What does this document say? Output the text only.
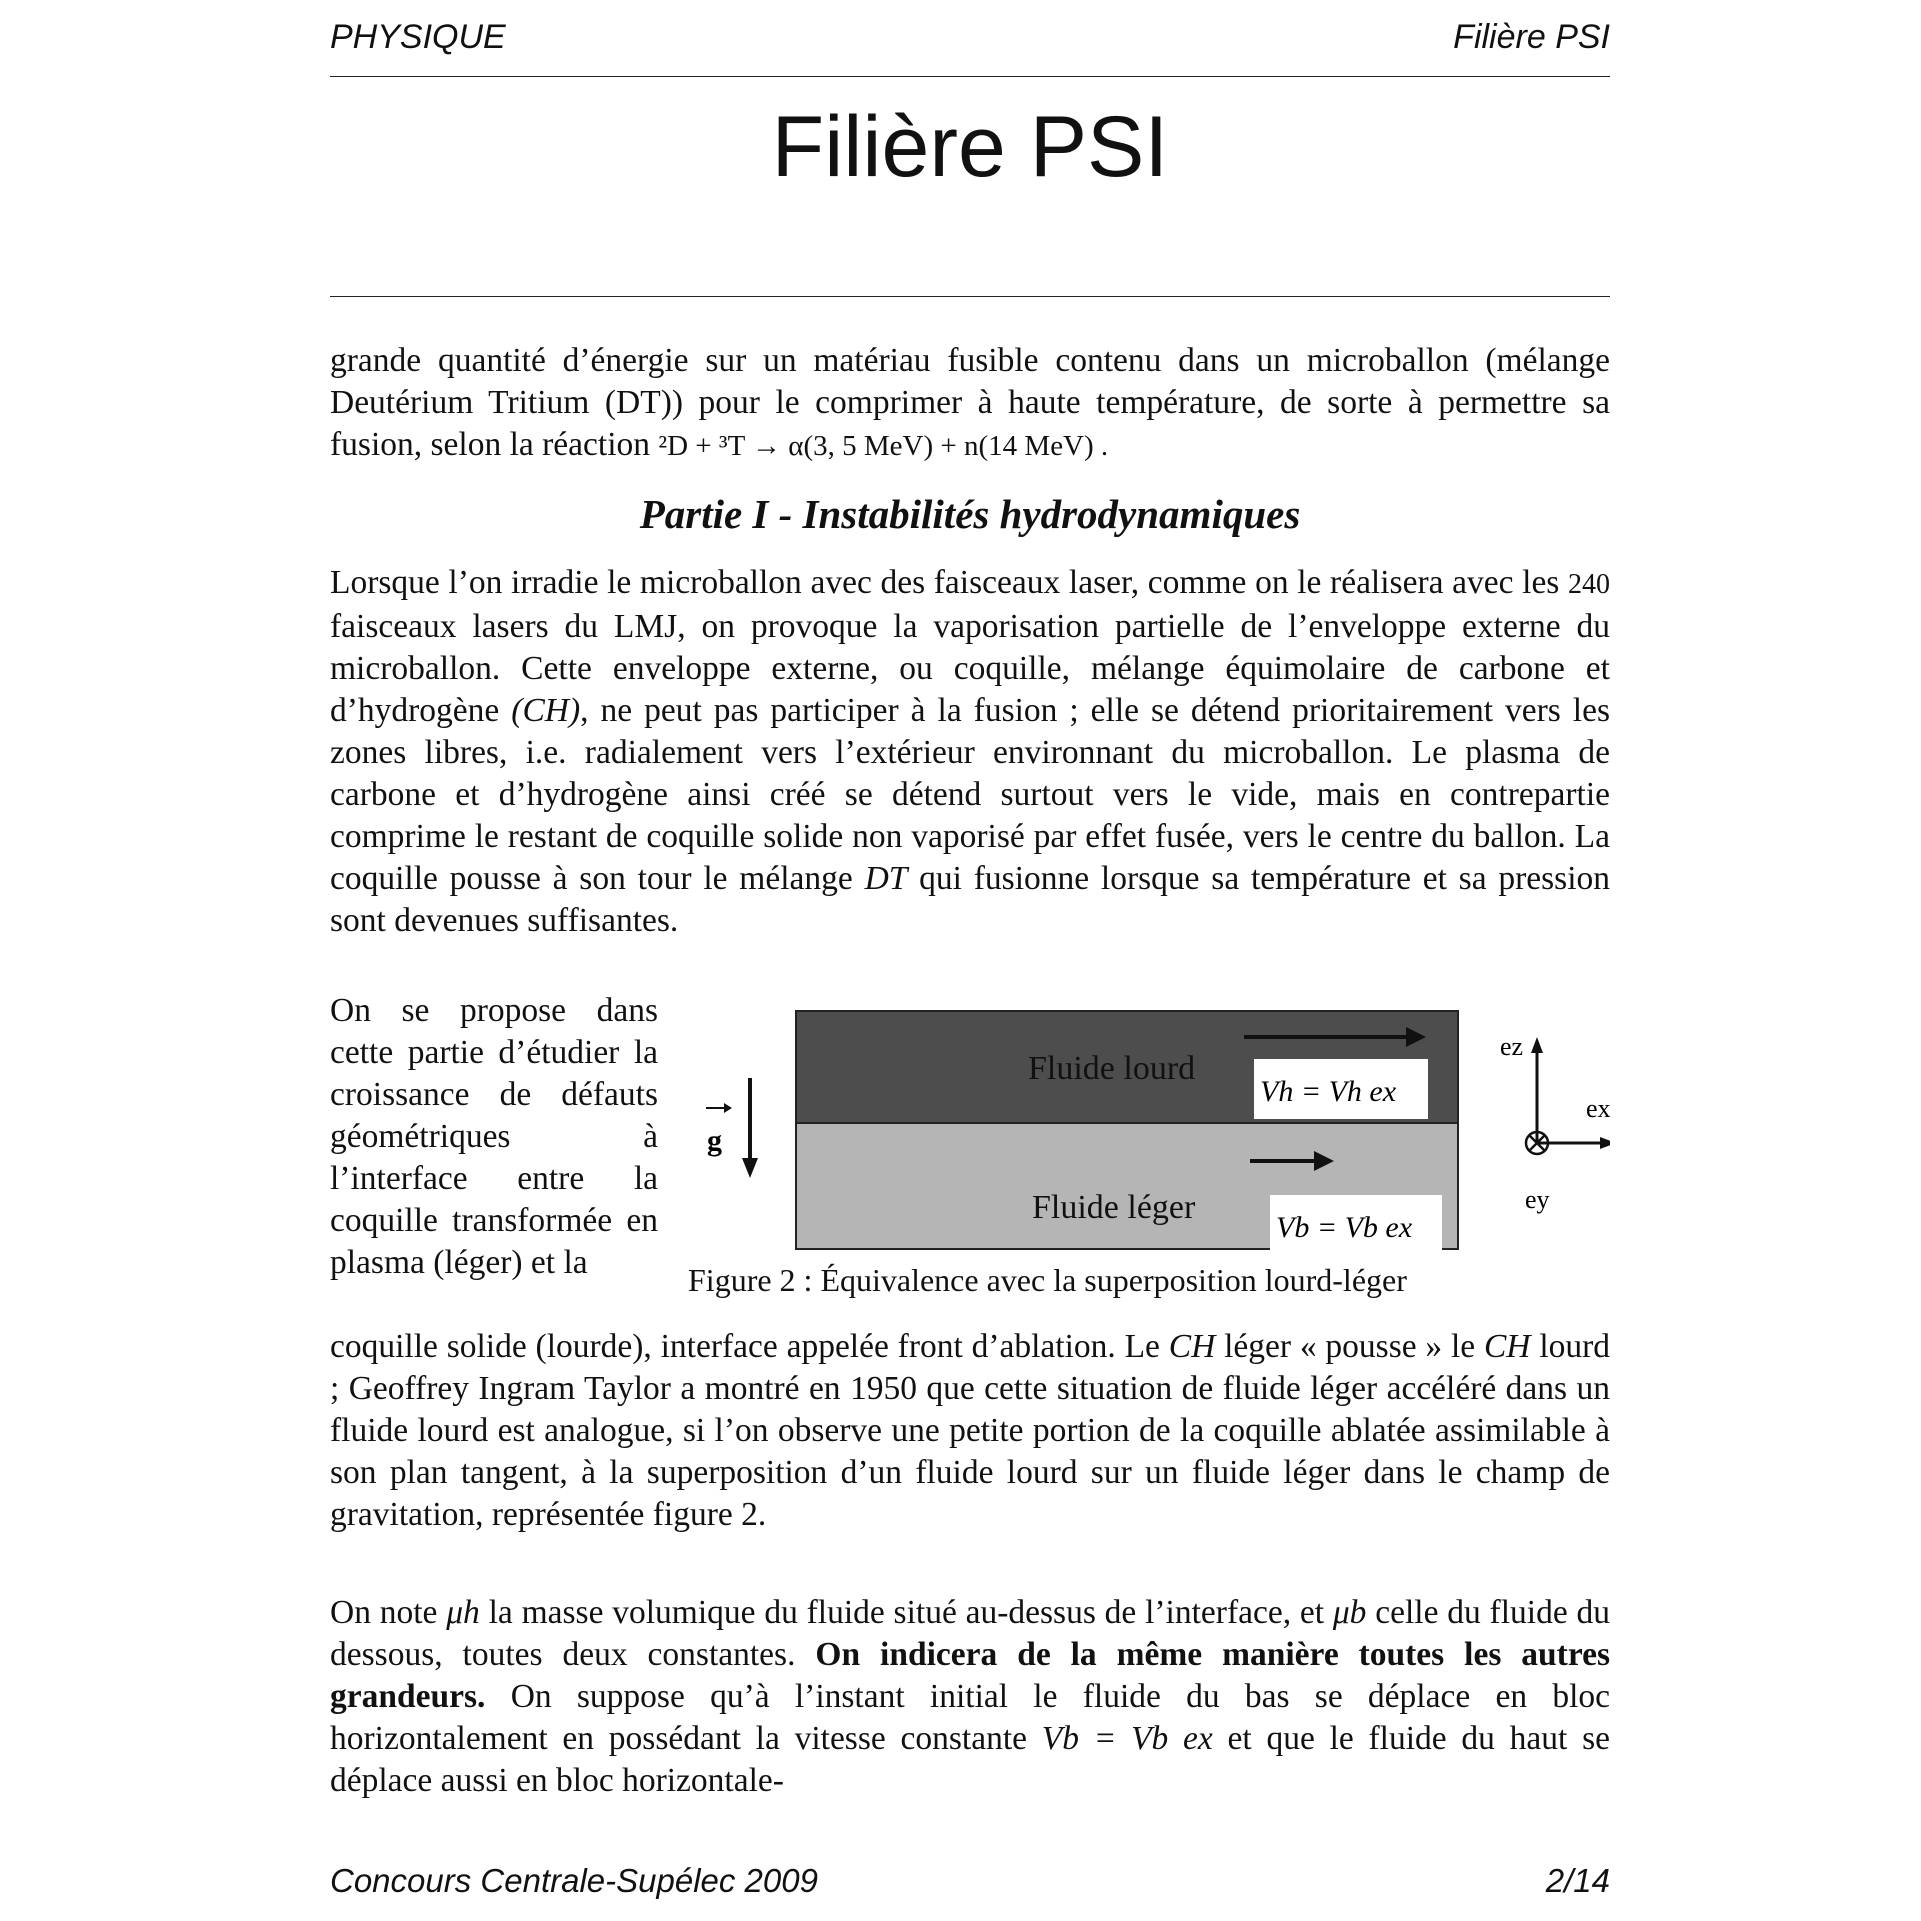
PHYSIQUE	Filière PSI
Filière PSI

grande quantité d’énergie sur un matériau fusible contenu dans un microballon (mélange Deutérium Tritium (DT)) pour le comprimer à haute température, de sorte à permettre sa fusion, selon la réaction ²D + ³T → α(3, 5 MeV) + n(14 MeV) .

Partie I - Instabilités hydrodynamiques

Lorsque l’on irradie le microballon avec des faisceaux laser, comme on le réalisera avec les 240 faisceaux lasers du LMJ, on provoque la vaporisation partielle de l’enveloppe externe du microballon. Cette enveloppe externe, ou coquille, mélange équimolaire de carbone et d’hydrogène (CH), ne peut pas participer à la fusion ; elle se détend prioritairement vers les zones libres, i.e. radialement vers l’extérieur environnant du microballon. Le plasma de carbone et d’hydrogène ainsi créé se détend surtout vers le vide, mais en contrepartie comprime le restant de coquille solide non vaporisé par effet fusée, vers le centre du ballon. La coquille pousse à son tour le mélange DT qui fusionne lorsque sa température et sa pression sont devenues suffisantes.

On se propose dans cette partie d’étudier la croissance de défauts géométriques à l’interface entre la coquille transformée en plasma (léger) et la

g
Fluide lourd
Vh = Vh ex
Fluide léger
Vb = Vb ex
ez
ex
ey
Figure 2 : Équivalence avec la superposition lourd-léger

coquille solide (lourde), interface appelée front d’ablation. Le CH léger « pousse » le CH lourd ; Geoffrey Ingram Taylor a montré en 1950 que cette situation de fluide léger accéléré dans un fluide lourd est analogue, si l’on observe une petite portion de la coquille ablatée assimilable à son plan tangent, à la superposition d’un fluide lourd sur un fluide léger dans le champ de gravitation, représentée figure 2.

On note μh la masse volumique du fluide situé au-dessus de l’interface, et μb celle du fluide du dessous, toutes deux constantes. On indicera de la même manière toutes les autres grandeurs. On suppose qu’à l’instant initial le fluide du bas se déplace en bloc horizontalement en possédant la vitesse constante Vb = Vb ex et que le fluide du haut se déplace aussi en bloc horizontale-

Concours Centrale-Supélec 2009	2/14
